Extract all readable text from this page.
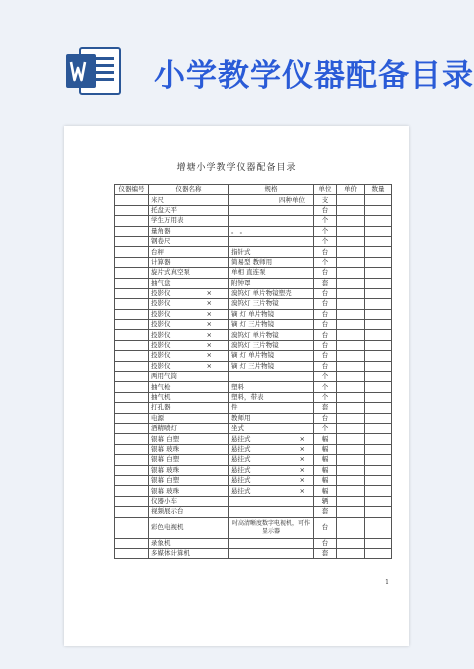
小学教学仪器配备目录
增塘小学教学仪器配备目录
仪器编号	仪器名称	规格	单位	单价	数量
	米尺	四种单位	支		
	托盘天平		台		
	学生万用表		个		
	量角器	。 。	个		
	钢卷尺		个		
	台秤	指针式	台		
	计算器	简易型 教师用	个		
	旋片式真空泵	单相 直连泵	台		
	抽气盘	附钟罩	套		
	投影仪 ×	溴钨灯 单片物镜塑壳	台		
	投影仪 ×	溴钨灯 三片物镜	台		
	投影仪 ×	镝 灯 单片物镜	台		
	投影仪 ×	镝 灯 三片物镜	台		
	投影仪 ×	溴钨灯 单片物镜	台		
	投影仪 ×	溴钨灯 三片物镜	台		
	投影仪 ×	镝 灯 单片物镜	台		
	投影仪 ×	镝 灯 三片物镜	台		
	两用气筒		个		
	抽气枪	塑料	个		
	抽气机	塑料，带表	个		
	打孔器	件	套		
	电源	教师用	台		
	酒精喷灯	坐式	个		
	银幕 白塑	悬挂式 ×	幅		
	银幕 玻珠	悬挂式 ×	幅		
	银幕 白塑	悬挂式 ×	幅		
	银幕 玻珠	悬挂式 ×	幅		
	银幕 白塑	悬挂式 ×	幅		
	银幕 玻珠	悬挂式 ×	幅		
	仪器小车		辆		
	视频展示台		套		
	彩色电视机	吋高清晰度数字电视机，可作 显示器	台		
	录象机		台		
	多媒体计算机		套		
1
